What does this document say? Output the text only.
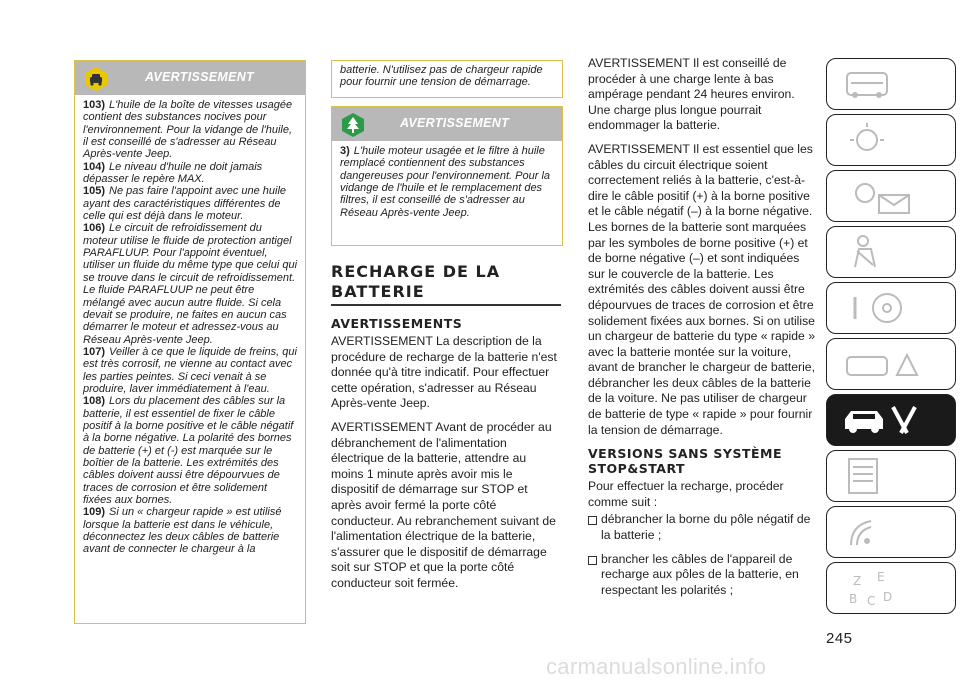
AVERTISSEMENT

103) L'huile de la boîte de vitesses usagée contient des substances nocives pour l'environnement. Pour la vidange de l'huile, il est conseillé de s'adresser au Réseau Après-vente Jeep.

104) Le niveau d'huile ne doit jamais dépasser le repère MAX.

105) Ne pas faire l'appoint avec une huile ayant des caractéristiques différentes de celle qui est déjà dans le moteur.

106) Le circuit de refroidissement du moteur utilise le fluide de protection antigel PARAFLUUP. Pour l'appoint éventuel, utiliser un fluide du même type que celui qui se trouve dans le circuit de refroidissement. Le fluide PARAFLUUP ne peut être mélangé avec aucun autre fluide. Si cela devait se produire, ne faites en aucun cas démarrer le moteur et adressez-vous au Réseau Après-vente Jeep.

107) Veiller à ce que le liquide de freins, qui est très corrosif, ne vienne au contact avec les parties peintes. Si ceci venait à se produire, laver immédiatement à l'eau.

108) Lors du placement des câbles sur la batterie, il est essentiel de fixer le câble positif à la borne positive et le câble négatif à la borne négative. La polarité des bornes de batterie (+) et (-) est marquée sur le boîtier de la batterie. Les extrémités des câbles doivent aussi être dépourvues de traces de corrosion et être solidement fixées aux bornes.

109) Si un « chargeur rapide » est utilisé lorsque la batterie est dans le véhicule, déconnectez les deux câbles de batterie avant de connecter le chargeur à la

batterie. N'utilisez pas de chargeur rapide pour fournir une tension de démarrage.
AVERTISSEMENT

3) L'huile moteur usagée et le filtre à huile remplacé contiennent des substances dangereuses pour l'environnement. Pour la vidange de l'huile et le remplacement des filtres, il est conseillé de s'adresser au Réseau Après-vente Jeep.

RECHARGE DE LA BATTERIE
AVERTISSEMENTS

AVERTISSEMENT La description de la procédure de recharge de la batterie n'est donnée qu'à titre indicatif. Pour effectuer cette opération, s'adresser au Réseau Après-vente Jeep.

AVERTISSEMENT Avant de procéder au débranchement de l'alimentation électrique de la batterie, attendre au moins 1 minute après avoir mis le dispositif de démarrage sur STOP et après avoir fermé la porte côté conducteur. Au rebranchement suivant de l'alimentation électrique de la batterie, s'assurer que le dispositif de démarrage soit sur STOP et que la porte côté conducteur soit fermée.

AVERTISSEMENT Il est conseillé de procéder à une charge lente à bas ampérage pendant 24 heures environ. Une charge plus longue pourrait endommager la batterie.

AVERTISSEMENT Il est essentiel que les câbles du circuit électrique soient correctement reliés à la batterie, c'est-à-dire le câble positif (+) à la borne positive et le câble négatif (–) à la borne négative. Les bornes de la batterie sont marquées par les symboles de borne positive (+) et de borne négative (–) et sont indiquées sur le couvercle de la batterie. Les extrémités des câbles doivent aussi être dépourvues de traces de corrosion et être solidement fixées aux bornes. Si on utilise un chargeur de batterie du type « rapide » avec la batterie montée sur la voiture, avant de brancher le chargeur de batterie, débrancher les deux câbles de la batterie de la voiture. Ne pas utiliser de chargeur de batterie de type « rapide » pour fournir la tension de démarrage.

VERSIONS SANS SYSTÈME STOP&START

Pour effectuer la recharge, procéder comme suit :

débrancher la borne du pôle négatif de la batterie ;

brancher les câbles de l'appareil de recharge aux pôles de la batterie, en respectant les polarités ;

Z E
B C D
245
carmanualsonline.info
